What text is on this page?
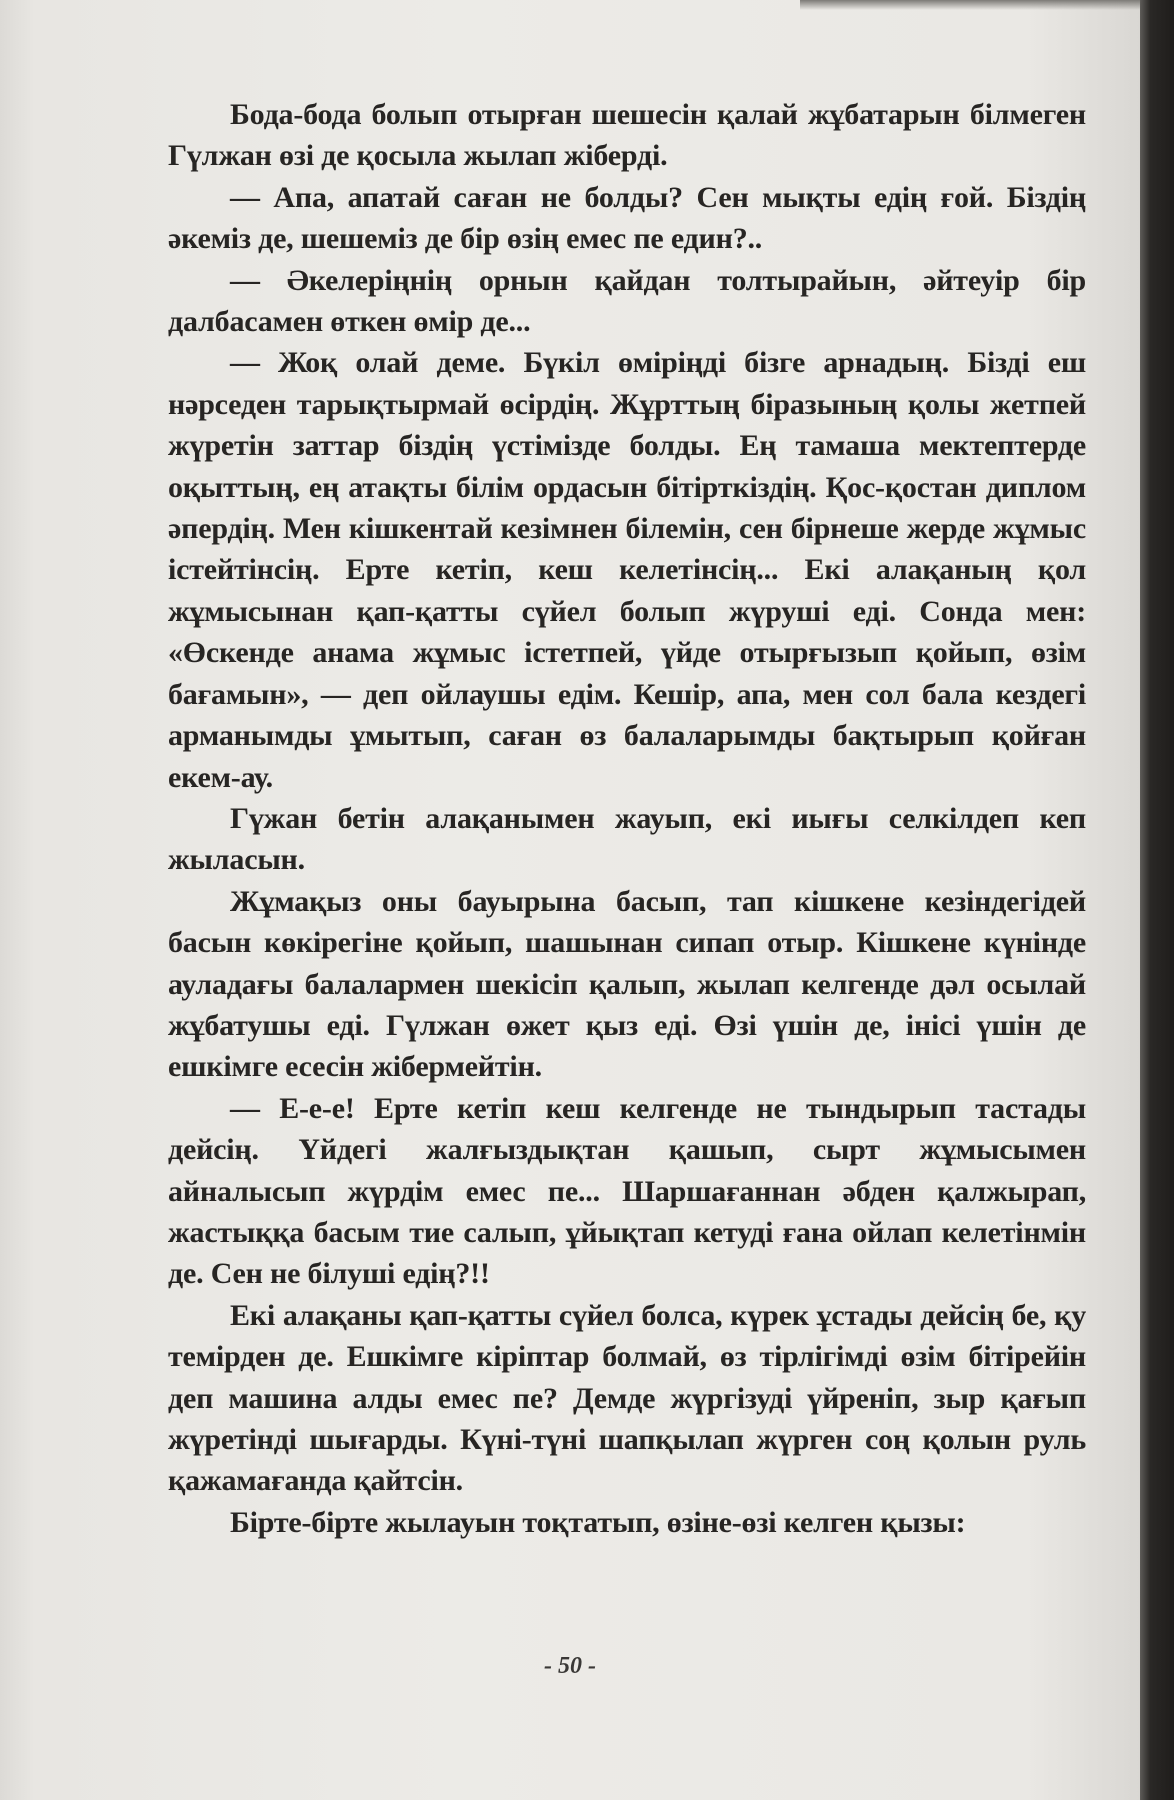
Бода-бода болып отырған шешесін қалай жұбатарын білмеген Гүлжан өзі де қосыла жылап жіберді.

— Апа, апатай саған не болды? Сен мықты едің ғой. Біздің әкеміз де, шешеміз де бір өзің емес пе един?..

— Әкелеріңнің орнын қайдан толтырайын, әйтеуір бір далбасамен өткен өмір де...

— Жоқ олай деме. Бүкіл өміріңді бізге арнадың. Бізді еш нәрседен тарықтырмай өсірдің. Жұрттың біразының қолы жетпей жүретін заттар біздің үстімізде болды. Ең тамаша мектептерде оқыттың, ең атақты білім ордасын бітірткіздің. Қос-қостан диплом әпердің. Мен кішкентай кезімнен білемін, сен бірнеше жерде жұмыс істейтінсің. Ерте кетіп, кеш келетінсің... Екі алақаның қол жұмысынан қап-қатты сүйел болып жүруші еді. Сонда мен: «Өскенде анама жұмыс істетпей, үйде отырғызып қойып, өзім бағамын», — деп ойлаушы едім. Кешір, апа, мен сол бала кездегі арманымды ұмытып, саған өз балаларымды бақтырып қойған екем-ау.

Гүжан бетін алақанымен жауып, екі иығы селкілдеп кеп жыласын.

Жұмақыз оны бауырына басып, тап кішкене кезіндегідей басын көкірегіне қойып, шашынан сипап отыр. Кішкене күнінде ауладағы балалармен шекісіп қалып, жылап келгенде дәл осылай жұбатушы еді. Гүлжан өжет қыз еді. Өзі үшін де, інісі үшін де ешкімге есесін жібермейтін.

— Е-е-е! Ерте кетіп кеш келгенде не тындырып тастады дейсің. Үйдегі жалғыздықтан қашып, сырт жұмысымен айналысып жүрдім емес пе... Шаршағаннан әбден қалжырап, жастыққа басым тие салып, ұйықтап кетуді ғана ойлап келетінмін де. Сен не білуші едің?!!

Екі алақаны қап-қатты сүйел болса, күрек ұстады дейсің бе, қу темірден де. Ешкімге кіріптар болмай, өз тірлігімді өзім бітірейін деп машина алды емес пе? Демде жүргізуді үйреніп, зыр қағып жүретінді шығарды. Күні-түні шапқылап жүрген соң қолын руль қажамағанда қайтсін.

Бірте-бірте жылауын тоқтатып, өзіне-өзі келген қызы:

- 50 -
